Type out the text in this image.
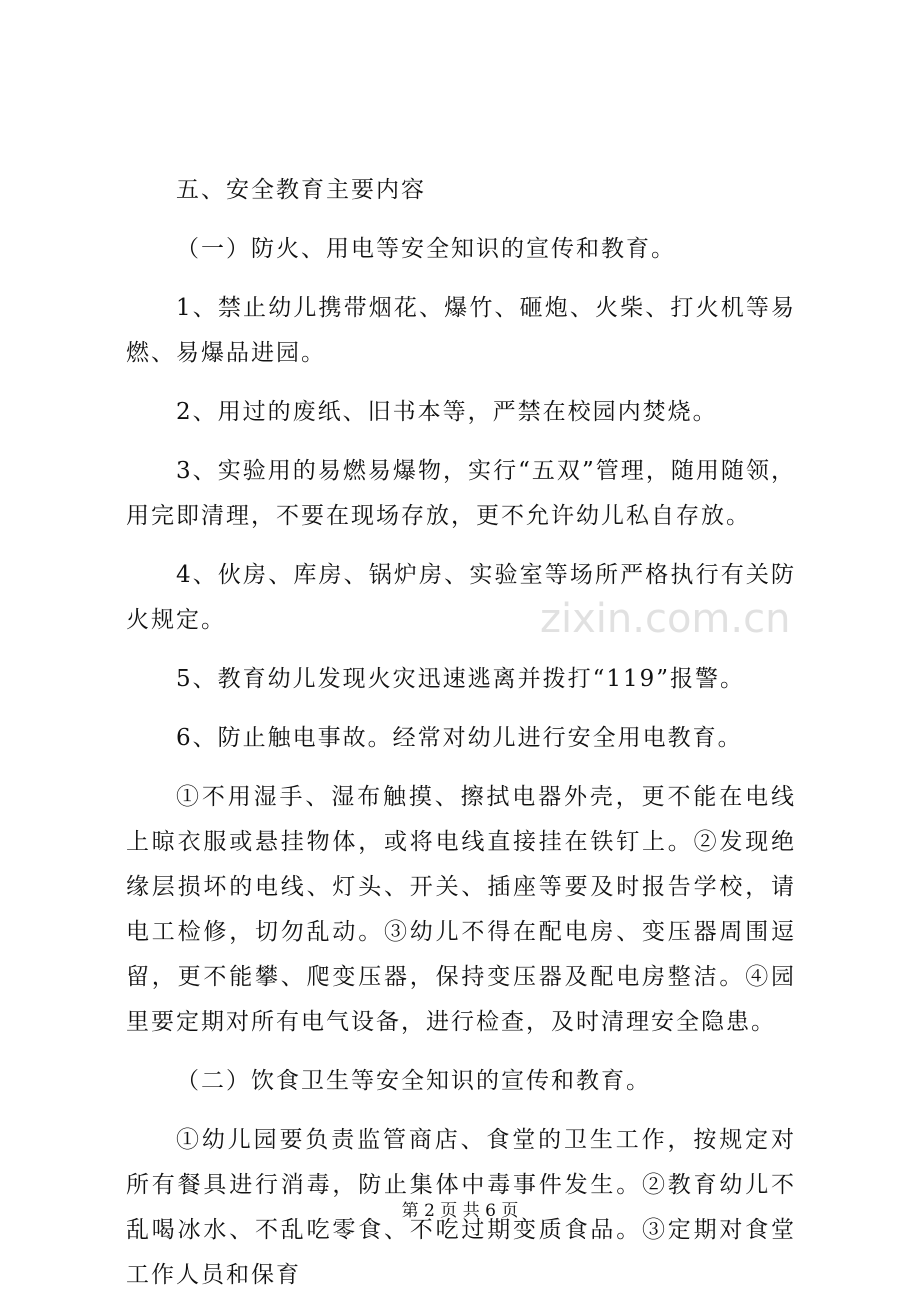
zixin.com.cn

五、安全教育主要内容

（一）防火、用电等安全知识的宣传和教育。

1、禁止幼儿携带烟花、爆竹、砸炮、火柴、打火机等易燃、易爆品进园。

2、用过的废纸、旧书本等，严禁在校园内焚烧。

3、实验用的易燃易爆物，实行“五双”管理，随用随领，用完即清理，不要在现场存放，更不允许幼儿私自存放。

4、伙房、库房、锅炉房、实验室等场所严格执行有关防火规定。

5、教育幼儿发现火灾迅速逃离并拨打“119”报警。

6、防止触电事故。经常对幼儿进行安全用电教育。

①不用湿手、湿布触摸、擦拭电器外壳，更不能在电线上晾衣服或悬挂物体，或将电线直接挂在铁钉上。②发现绝缘层损坏的电线、灯头、开关、插座等要及时报告学校，请电工检修，切勿乱动。③幼儿不得在配电房、变压器周围逗留，更不能攀、爬变压器，保持变压器及配电房整洁。④园里要定期对所有电气设备，进行检查，及时清理安全隐患。

（二）饮食卫生等安全知识的宣传和教育。

①幼儿园要负责监管商店、食堂的卫生工作，按规定对所有餐具进行消毒，防止集体中毒事件发生。②教育幼儿不乱喝冰水、不乱吃零食、不吃过期变质食品。③定期对食堂工作人员和保育

第 2 页 共 6 页
